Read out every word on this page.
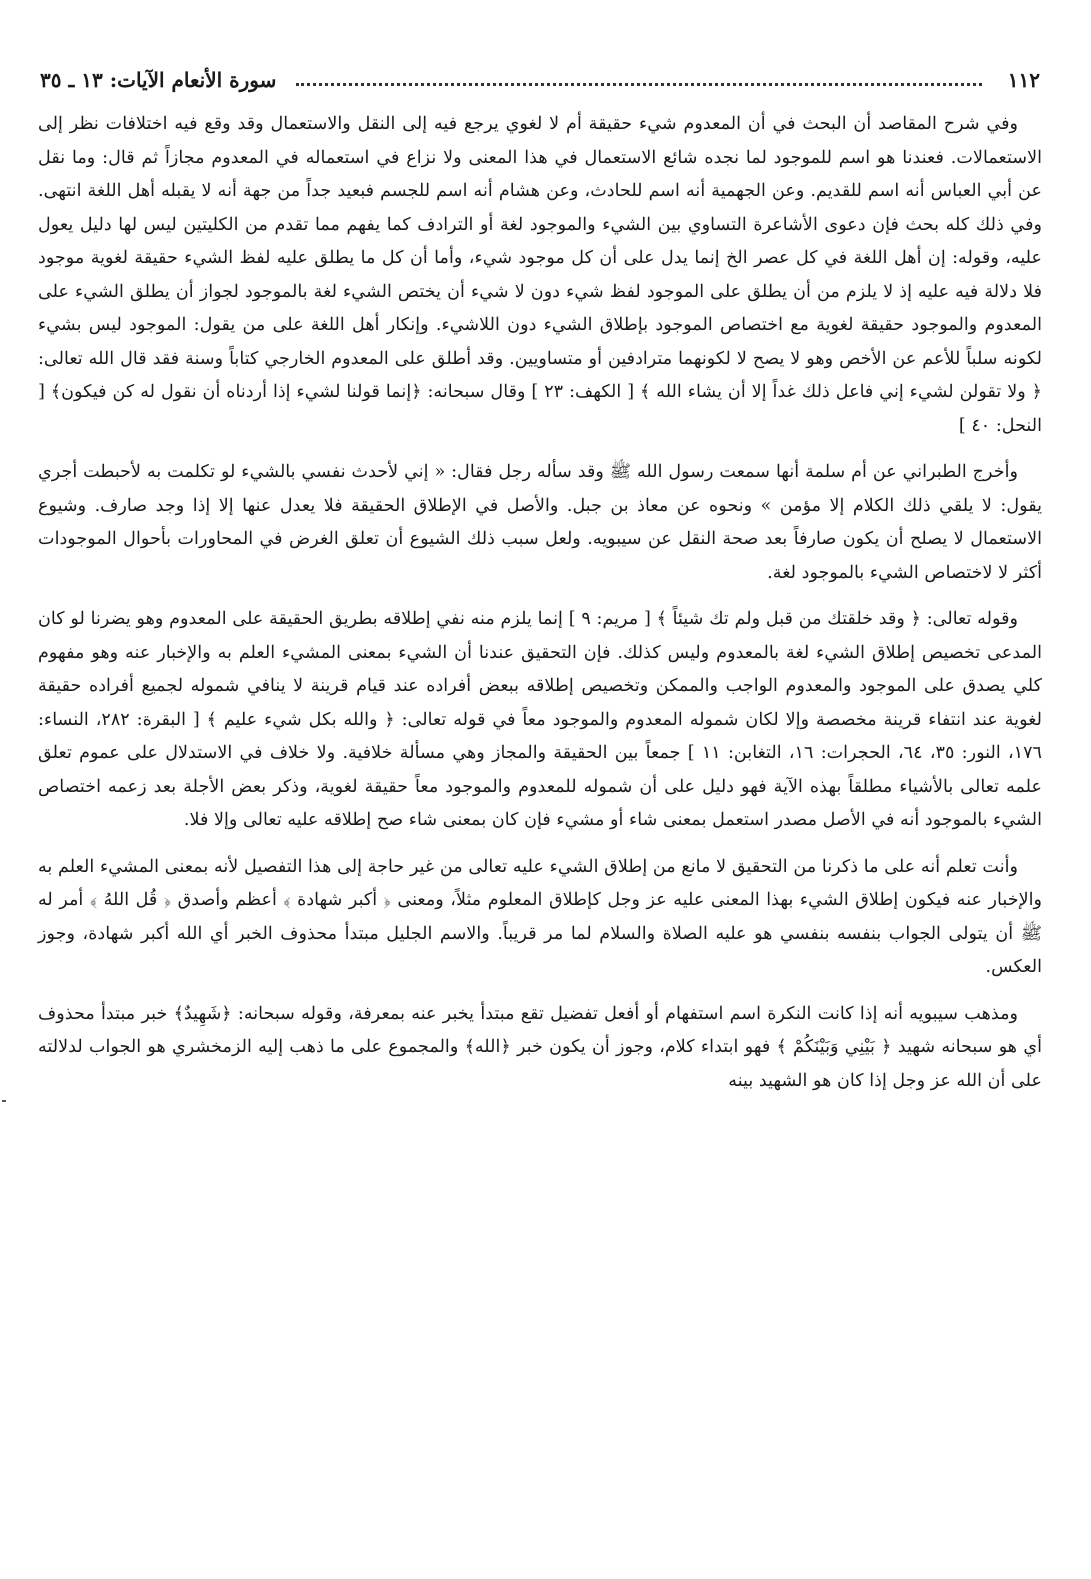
١١٢
سورة الأنعام الآيات: ١٣ ـ ٣٥

وفي شرح المقاصد أن البحث في أن المعدوم شيء حقيقة أم لا لغوي يرجع فيه إلى النقل والاستعمال وقد وقع فيه اختلافات نظر إلى الاستعمالات. فعندنا هو اسم للموجود لما نجده شائع الاستعمال في هذا المعنى ولا نزاع في استعماله في المعدوم مجازاً ثم قال: وما نقل عن أبي العباس أنه اسم للقديم. وعن الجهمية أنه اسم للحادث، وعن هشام أنه اسم للجسم فبعيد جداً من جهة أنه لا يقبله أهل اللغة انتهى. وفي ذلك كله بحث فإن دعوى الأشاعرة التساوي بين الشيء والموجود لغة أو الترادف كما يفهم مما تقدم من الكليتين ليس لها دليل يعول عليه، وقوله: إن أهل اللغة في كل عصر الخ إنما يدل على أن كل موجود شيء، وأما أن كل ما يطلق عليه لفظ الشيء حقيقة لغوية موجود فلا دلالة فيه عليه إذ لا يلزم من أن يطلق على الموجود لفظ شيء دون لا شيء أن يختص الشيء لغة بالموجود لجواز أن يطلق الشيء على المعدوم والموجود حقيقة لغوية مع اختصاص الموجود بإطلاق الشيء دون اللاشيء. وإنكار أهل اللغة على من يقول: الموجود ليس بشيء لكونه سلباً للأعم عن الأخص وهو لا يصح لا لكونهما مترادفين أو متساويين. وقد أطلق على المعدوم الخارجي كتاباً وسنة فقد قال الله تعالى: ﴿ ولا تقولن لشيء إني فاعل ذلك غداً إلا أن يشاء الله ﴾ [ الكهف: ٢٣ ] وقال سبحانه: ﴿إنما قولنا لشيء إذا أردناه أن نقول له كن فيكون﴾ [ النحل: ٤٠ ]

وأخرج الطبراني عن أم سلمة أنها سمعت رسول الله ﷺ وقد سأله رجل فقال: « إني لأحدث نفسي بالشيء لو تكلمت به لأحبطت أجري يقول: لا يلقي ذلك الكلام إلا مؤمن » ونحوه عن معاذ بن جبل. والأصل في الإطلاق الحقيقة فلا يعدل عنها إلا إذا وجد صارف. وشيوع الاستعمال لا يصلح أن يكون صارفاً بعد صحة النقل عن سيبويه. ولعل سبب ذلك الشيوع أن تعلق الغرض في المحاورات بأحوال الموجودات أكثر لا لاختصاص الشيء بالموجود لغة.

وقوله تعالى: ﴿ وقد خلقتك من قبل ولم تك شيئاً ﴾ [ مريم: ٩ ] إنما يلزم منه نفي إطلاقه بطريق الحقيقة على المعدوم وهو يضرنا لو كان المدعى تخصيص إطلاق الشيء لغة بالمعدوم وليس كذلك. فإن التحقيق عندنا أن الشيء بمعنى المشيء العلم به والإخبار عنه وهو مفهوم كلي يصدق على الموجود والمعدوم الواجب والممكن وتخصيص إطلاقه ببعض أفراده عند قيام قرينة لا ينافي شموله لجميع أفراده حقيقة لغوية عند انتفاء قرينة مخصصة وإلا لكان شموله المعدوم والموجود معاً في قوله تعالى: ﴿ والله بكل شيء عليم ﴾ [ البقرة: ٢٨٢، النساء: ١٧٦، النور: ٣٥، ٦٤، الحجرات: ١٦، التغابن: ١١ ] جمعاً بين الحقيقة والمجاز وهي مسألة خلافية. ولا خلاف في الاستدلال على عموم تعلق علمه تعالى بالأشياء مطلقاً بهذه الآية فهو دليل على أن شموله للمعدوم والموجود معاً حقيقة لغوية، وذكر بعض الأجلة بعد زعمه اختصاص الشيء بالموجود أنه في الأصل مصدر استعمل بمعنى شاء أو مشيء فإن كان بمعنى شاء صح إطلاقه عليه تعالى وإلا فلا.

وأنت تعلم أنه على ما ذكرنا من التحقيق لا مانع من إطلاق الشيء عليه تعالى من غير حاجة إلى هذا التفصيل لأنه بمعنى المشيء العلم به والإخبار عنه فيكون إطلاق الشيء بهذا المعنى عليه عز وجل كإطلاق المعلوم مثلاً، ومعنى ﴿ أكبر شهادة ﴾ أعظم وأصدق ﴿ قُل اللهُ ﴾ أمر له ﷺ أن يتولى الجواب بنفسه بنفسي هو عليه الصلاة والسلام لما مر قريباً. والاسم الجليل مبتدأ محذوف الخبر أي الله أكبر شهادة، وجوز العكس.

ومذهب سيبويه أنه إذا كانت النكرة اسم استفهام أو أفعل تفضيل تقع مبتدأ يخبر عنه بمعرفة، وقوله سبحانه: ﴿شَهِيدٌ﴾ خبر مبتدأ محذوف أي هو سبحانه شهيد ﴿ بَيْنِي وَبَيْنَكُمْ ﴾ فهو ابتداء كلام، وجوز أن يكون خبر ﴿الله﴾ والمجموع على ما ذهب إليه الزمخشري هو الجواب لدلالته على أن الله عز وجل إذا كان هو الشهيد بينه
